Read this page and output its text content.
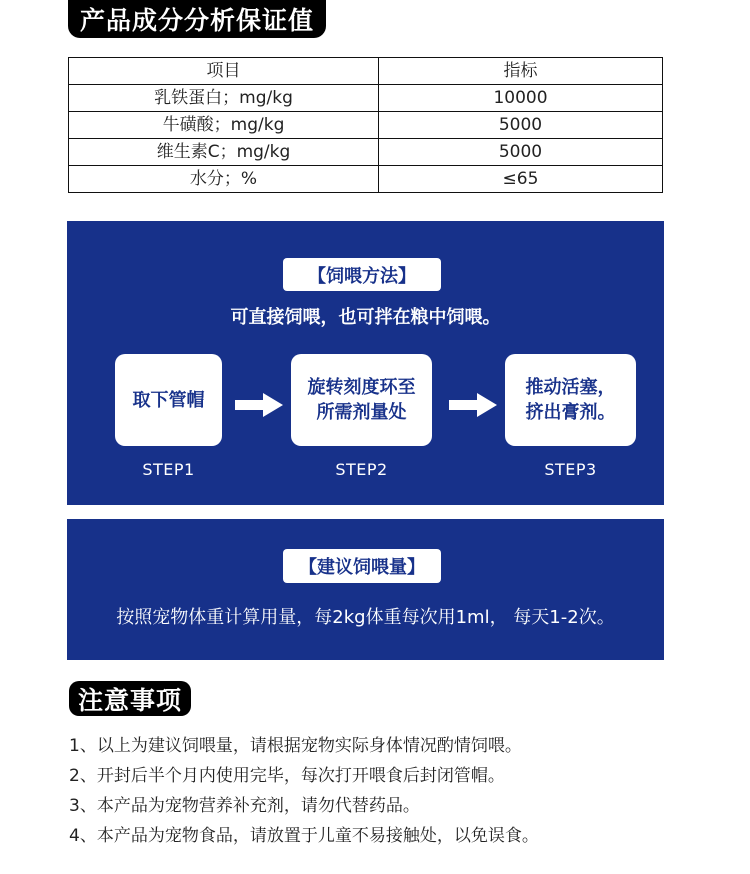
产品成分分析保证值
项目	指标
乳铁蛋白；mg/kg	10000
牛磺酸；mg/kg	5000
维生素C；mg/kg	5000
水分；%	≤65
【饲喂方法】
可直接饲喂，也可拌在粮中饲喂。
取下管帽
旋转刻度环至
所需剂量处
推动活塞，
挤出膏剂。
STEP1	STEP2	STEP3
【建议饲喂量】
按照宠物体重计算用量，每2kg体重每次用1ml， 每天1-2次。
注意事项
1、以上为建议饲喂量，请根据宠物实际身体情况酌情饲喂。
2、开封后半个月内使用完毕，每次打开喂食后封闭管帽。
3、本产品为宠物营养补充剂，请勿代替药品。
4、本产品为宠物食品，请放置于儿童不易接触处，以免误食。
